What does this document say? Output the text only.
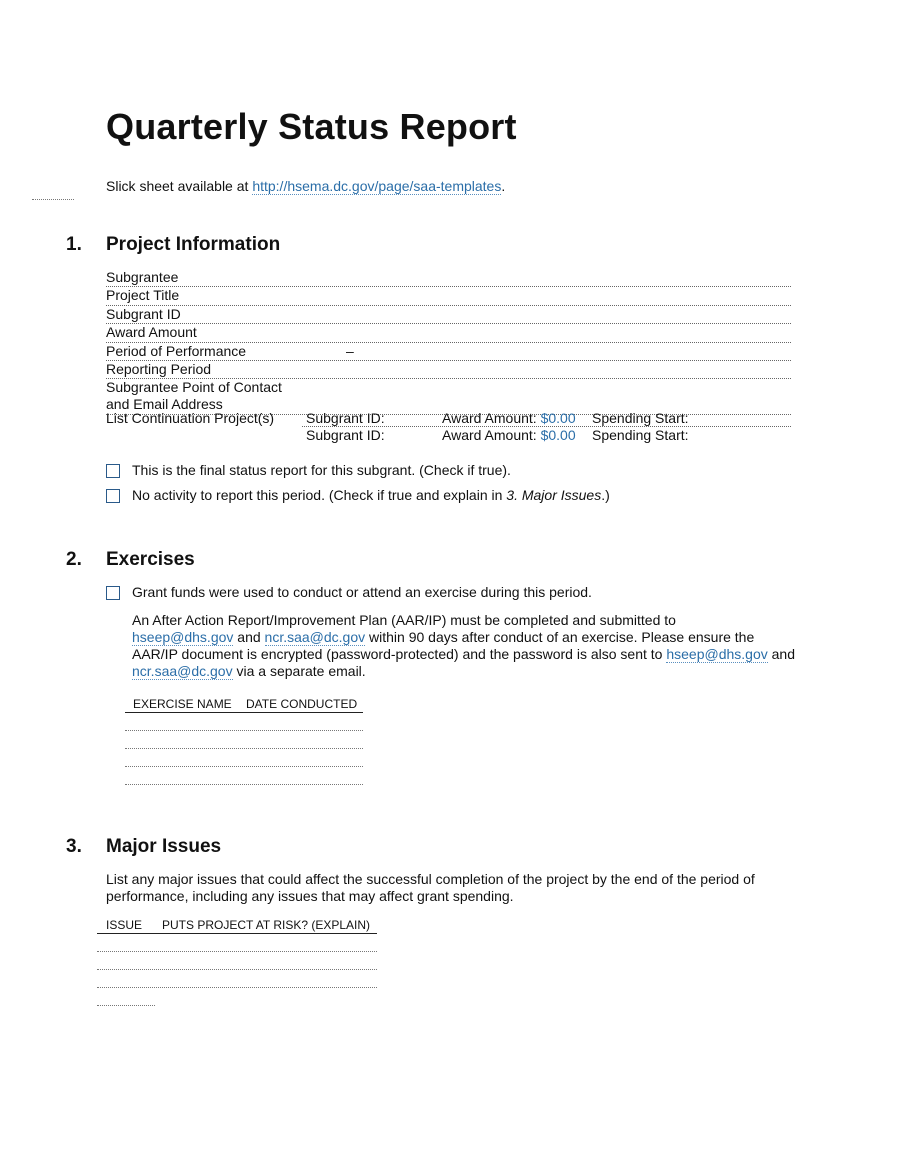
Quarterly Status Report
Slick sheet available at http://hsema.dc.gov/page/saa-templates.
1. Project Information
Subgrantee
Project Title
Subgrant ID
Award Amount
Period of Performance	–
Reporting Period
Subgrantee Point of Contact
and Email Address
List Continuation Project(s) Subgrant ID:	Award Amount: $0.00 Spending Start:
Subgrant ID:	Award Amount: $0.00 Spending Start:
This is the final status report for this subgrant. (Check if true).
No activity to report this period. (Check if true and explain in 3. Major Issues.)
2. Exercises
Grant funds were used to conduct or attend an exercise during this period.
An After Action Report/Improvement Plan (AAR/IP) must be completed and submitted to
hseep@dhs.gov and ncr.saa@dc.gov within 90 days after conduct of an exercise. Please ensure the AAR/IP document is encrypted (password-protected) and the password is also sent to hseep@dhs.gov and ncr.saa@dc.gov via a separate email.
EXERCISE NAME DATE CONDUCTED
3. Major Issues
List any major issues that could affect the successful completion of the project by the end of the period of performance, including any issues that may affect grant spending.
ISSUE PUTS PROJECT AT RISK? (EXPLAIN)
